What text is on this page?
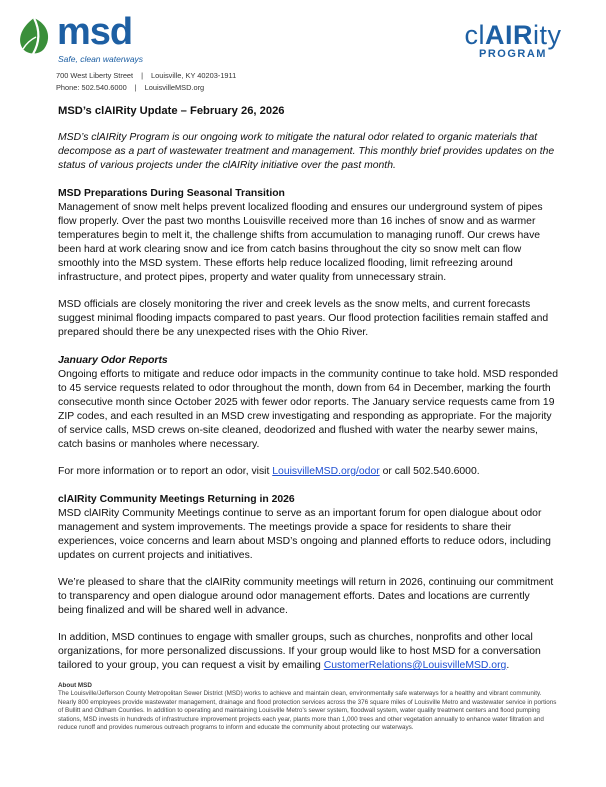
msd
Safe, clean waterways
700 West Liberty Street | Louisville, KY 40203-1911
Phone: 502.540.6000 | LouisvilleMSD.org
clAIRity
PROGRAM

MSD’s clAIRity Update – February 26, 2026

MSD’s clAIRity Program is our ongoing work to mitigate the natural odor related to organic materials that decompose as a part of wastewater treatment and management. This monthly brief provides updates on the status of various projects under the clAIRity initiative over the past month.

MSD Preparations During Seasonal Transition

Management of snow melt helps prevent localized flooding and ensures our underground system of pipes flow properly. Over the past two months Louisville received more than 16 inches of snow and as warmer temperatures begin to melt it, the challenge shifts from accumulation to managing runoff. Our crews have been hard at work clearing snow and ice from catch basins throughout the city so snow melt can flow smoothly into the MSD system. These efforts help reduce localized flooding, limit refreezing around infrastructure, and protect pipes, property and water quality from unnecessary strain.

MSD officials are closely monitoring the river and creek levels as the snow melts, and current forecasts suggest minimal flooding impacts compared to past years. Our flood protection facilities remain staffed and prepared should there be any unexpected rises with the Ohio River.

January Odor Reports

Ongoing efforts to mitigate and reduce odor impacts in the community continue to take hold. MSD responded to 45 service requests related to odor throughout the month, down from 64 in December, marking the fourth consecutive month since October 2025 with fewer odor reports. The January service requests came from 19 ZIP codes, and each resulted in an MSD crew investigating and responding as appropriate. For the majority of service calls, MSD crews on-site cleaned, deodorized and flushed with water the nearby sewer mains, catch basins or manholes where necessary.

For more information or to report an odor, visit LouisvilleMSD.org/odor or call 502.540.6000.

clAIRity Community Meetings Returning in 2026

MSD clAIRity Community Meetings continue to serve as an important forum for open dialogue about odor management and system improvements. The meetings provide a space for residents to share their experiences, voice concerns and learn about MSD’s ongoing and planned efforts to reduce odors, including updates on current projects and initiatives.

We’re pleased to share that the clAIRity community meetings will return in 2026, continuing our commitment to transparency and open dialogue around odor management efforts. Dates and locations are currently being finalized and will be shared well in advance.

In addition, MSD continues to engage with smaller groups, such as churches, nonprofits and other local organizations, for more personalized discussions. If your group would like to host MSD for a conversation tailored to your group, you can request a visit by emailing CustomerRelations@LouisvilleMSD.org.

About MSD
The Louisville/Jefferson County Metropolitan Sewer District (MSD) works to achieve and maintain clean, environmentally safe waterways for a healthy and vibrant community. Nearly 800 employees provide wastewater management, drainage and flood protection services across the 376 square miles of Louisville Metro and wastewater service in portions of Bullitt and Oldham Counties. In addition to operating and maintaining Louisville Metro’s sewer system, floodwall system, water quality treatment centers and flood pumping stations, MSD invests in hundreds of infrastructure improvement projects each year, plants more than 1,000 trees and other vegetation annually to enhance water filtration and reduce runoff and provides numerous outreach programs to inform and educate the community about protecting our waterways.
